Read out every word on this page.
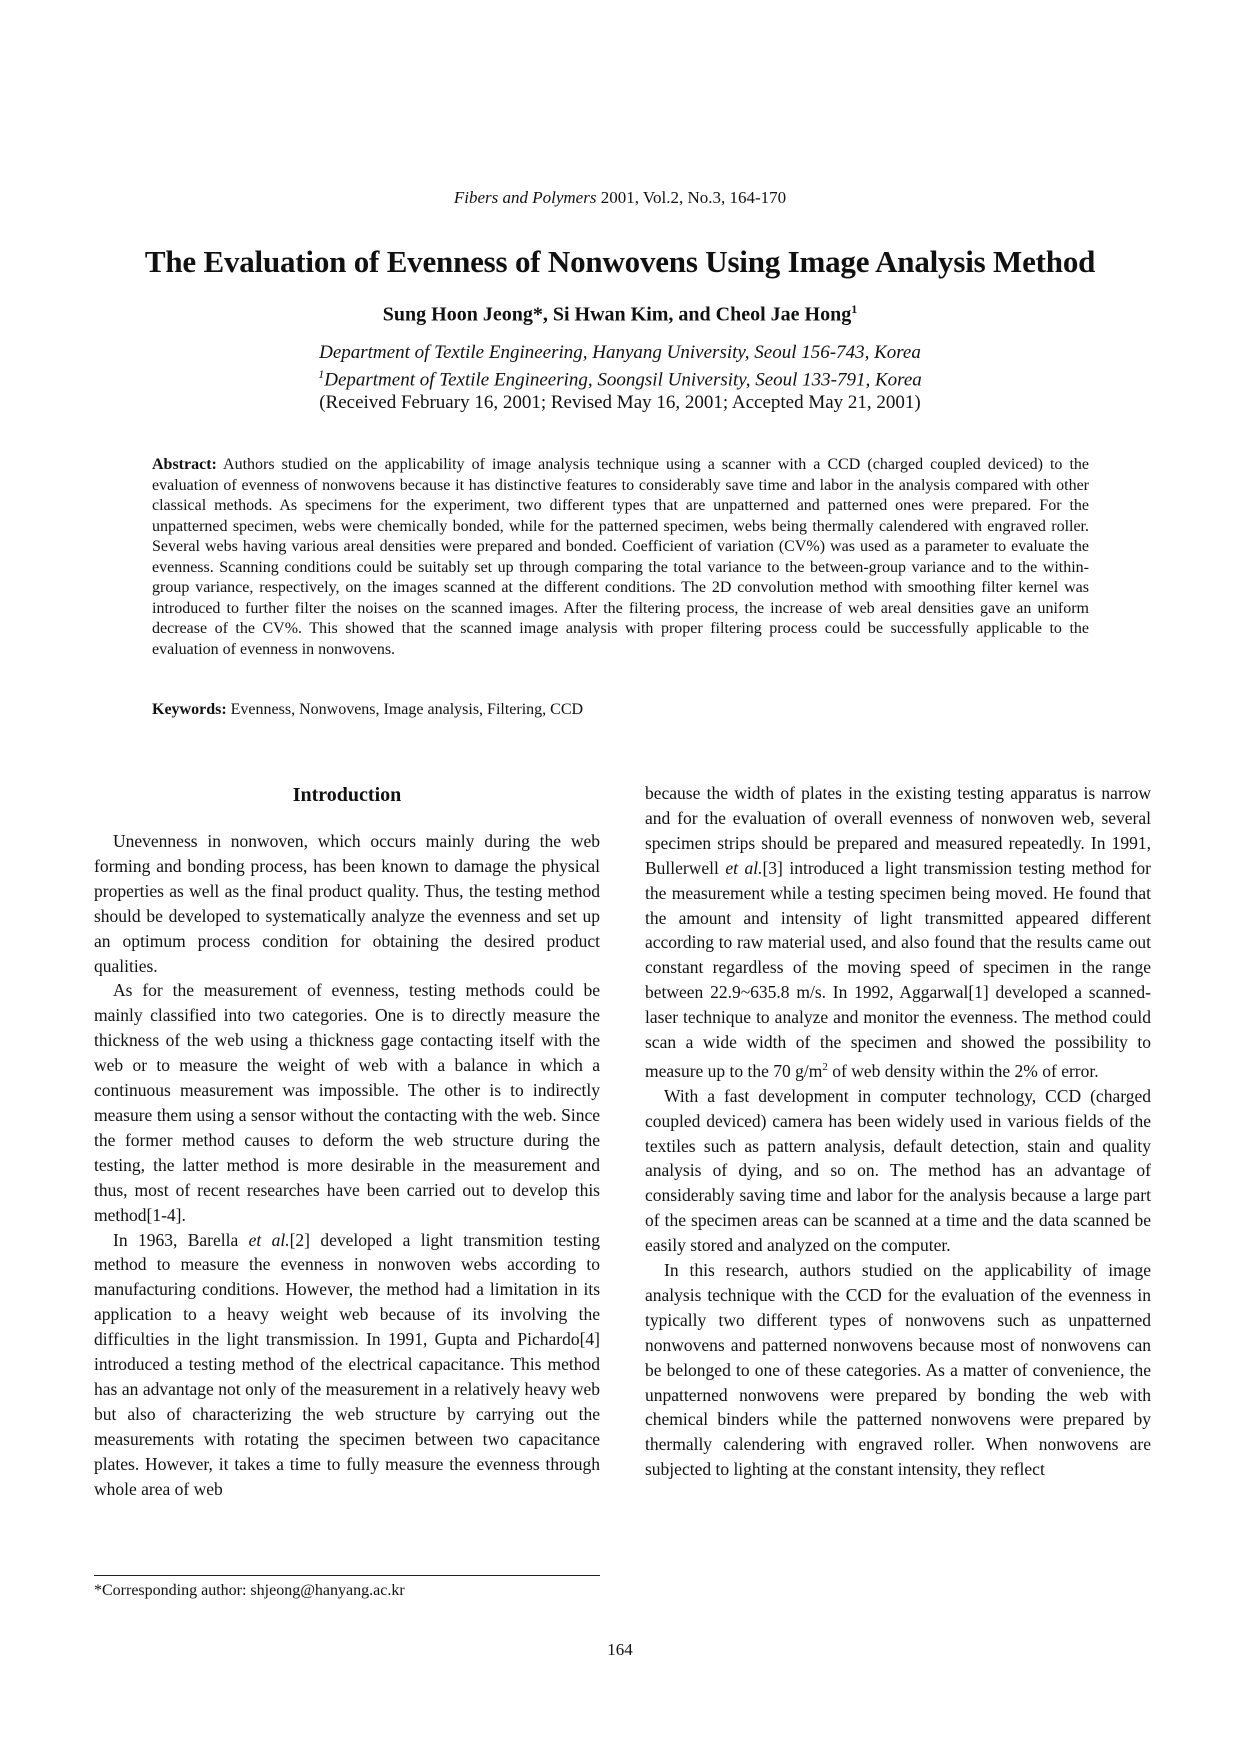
Fibers and Polymers 2001, Vol.2, No.3, 164-170
The Evaluation of Evenness of Nonwovens Using Image Analysis Method
Sung Hoon Jeong*, Si Hwan Kim, and Cheol Jae Hong$^1$
Department of Textile Engineering, Hanyang University, Seoul 156-743, Korea
$^1$Department of Textile Engineering, Soongsil University, Seoul 133-791, Korea
(Received February 16, 2001; Revised May 16, 2001; Accepted May 21, 2001)
Abstract: Authors studied on the applicability of image analysis technique using a scanner with a CCD (charged coupled deviced) to the evaluation of evenness of nonwovens because it has distinctive features to considerably save time and labor in the analysis compared with other classical methods. As specimens for the experiment, two different types that are unpatterned and patterned ones were prepared. For the unpatterned specimen, webs were chemically bonded, while for the patterned specimen, webs being thermally calendered with engraved roller. Several webs having various areal densities were prepared and bonded. Coefficient of variation (CV%) was used as a parameter to evaluate the evenness. Scanning conditions could be suitably set up through comparing the total variance to the between-group variance and to the within-group variance, respectively, on the images scanned at the different conditions. The 2D convolution method with smoothing filter kernel was introduced to further filter the noises on the scanned images. After the filtering process, the increase of web areal densities gave an uniform decrease of the CV%. This showed that the scanned image analysis with proper filtering process could be successfully applicable to the evaluation of evenness in nonwovens.
Keywords: Evenness, Nonwovens, Image analysis, Filtering, CCD
Introduction

Unevenness in nonwoven, which occurs mainly during the web forming and bonding process, has been known to damage the physical properties as well as the final product quality. Thus, the testing method should be developed to systematically analyze the evenness and set up an optimum process condition for obtaining the desired product qualities.

As for the measurement of evenness, testing methods could be mainly classified into two categories. One is to directly measure the thickness of the web using a thickness gage contacting itself with the web or to measure the weight of web with a balance in which a continuous measurement was impossible. The other is to indirectly measure them using a sensor without the contacting with the web. Since the former method causes to deform the web structure during the testing, the latter method is more desirable in the measurement and thus, most of recent researches have been carried out to develop this method[1-4].

In 1963, Barella et al.[2] developed a light transmition testing method to measure the evenness in nonwoven webs according to manufacturing conditions. However, the method had a limitation in its application to a heavy weight web because of its involving the difficulties in the light transmission. In 1991, Gupta and Pichardo[4] introduced a testing method of the electrical capacitance. This method has an advantage not only of the measurement in a relatively heavy web but also of characterizing the web structure by carrying out the measurements with rotating the specimen between two capacitance plates. However, it takes a time to fully measure the evenness through whole area of web

because the width of plates in the existing testing apparatus is narrow and for the evaluation of overall evenness of nonwoven web, several specimen strips should be prepared and measured repeatedly. In 1991, Bullerwell et al.[3] introduced a light transmission testing method for the measurement while a testing specimen being moved. He found that the amount and intensity of light transmitted appeared different according to raw material used, and also found that the results came out constant regardless of the moving speed of specimen in the range between 22.9~635.8 m/s. In 1992, Aggarwal[1] developed a scanned-laser technique to analyze and monitor the evenness. The method could scan a wide width of the specimen and showed the possibility to measure up to the 70 $g/m^2$ of web density within the 2% of error.

With a fast development in computer technology, CCD (charged coupled deviced) camera has been widely used in various fields of the textiles such as pattern analysis, default detection, stain and quality analysis of dying, and so on. The method has an advantage of considerably saving time and labor for the analysis because a large part of the specimen areas can be scanned at a time and the data scanned be easily stored and analyzed on the computer.

In this research, authors studied on the applicability of image analysis technique with the CCD for the evaluation of the evenness in typically two different types of nonwovens such as unpatterned nonwovens and patterned nonwovens because most of nonwovens can be belonged to one of these categories. As a matter of convenience, the unpatterned nonwovens were prepared by bonding the web with chemical binders while the patterned nonwovens were prepared by thermally calendering with engraved roller. When nonwovens are subjected to lighting at the constant intensity, they reflect

*Corresponding author: shjeong@hanyang.ac.kr
164
